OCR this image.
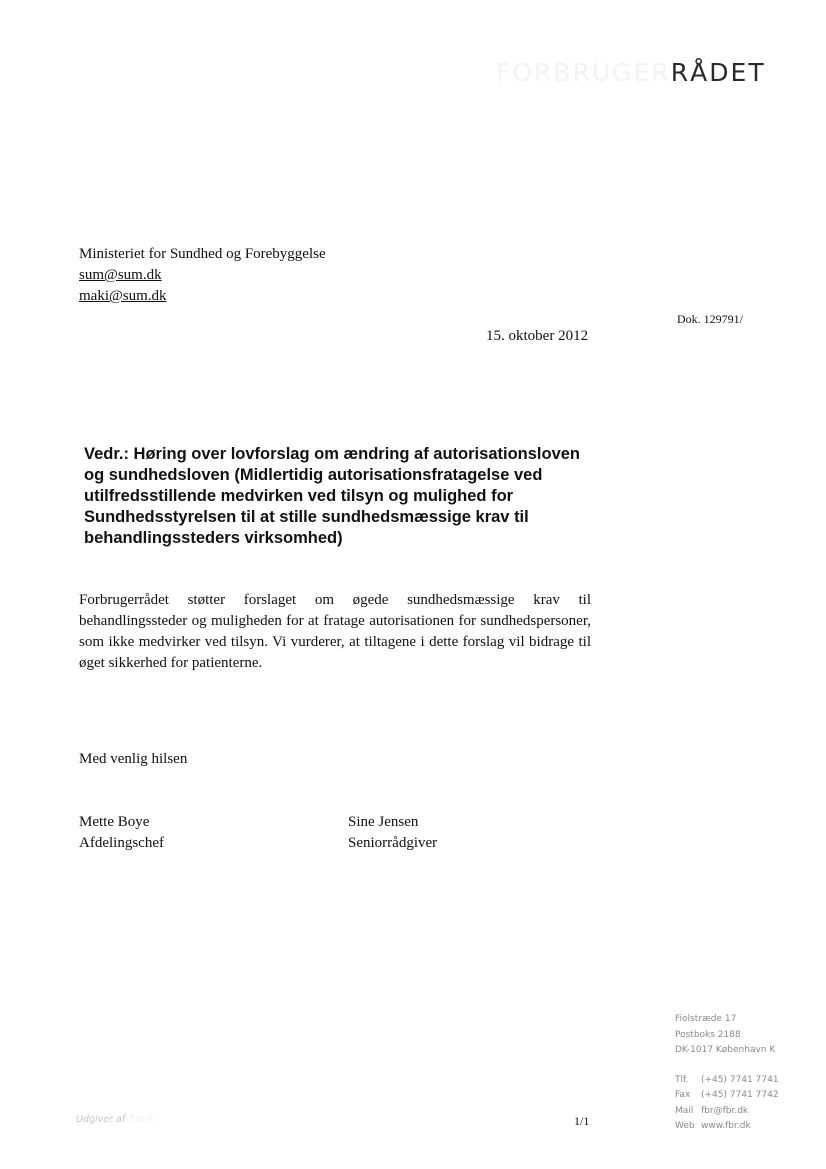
FORBRUGERRÅDET
Ministeriet for Sundhed og Forebyggelse
sum@sum.dk
maki@sum.dk
Dok. 129791/
15. oktober 2012
Vedr.: Høring over lovforslag om ændring af autorisationsloven og sundhedsloven (Midlertidig autorisationsfratagelse ved utilfredsstillende medvirken ved tilsyn og mulighed for Sundhedsstyrelsen til at stille sundhedsmæssige krav til behandlingssteders virksomhed)
Forbrugerrådet støtter forslaget om øgede sundhedsmæssige krav til behandlingssteder og muligheden for at fratage autorisationen for sundhedspersoner, som ikke medvirker ved tilsyn. Vi vurderer, at tiltagene i dette forslag vil bidrage til øget sikkerhed for patienterne.
Med venlig hilsen
Mette Boye
Afdelingschef
Sine Jensen
Seniorrådgiver
Fiolstræde 17
Postboks 2188
DK-1017 København K
Tlf.	(+45) 7741 7741
Fax	(+45) 7741 7742
Mail fbr@fbr.dk
Web www.fbr.dk
Udgiver af Tænk	1/1
